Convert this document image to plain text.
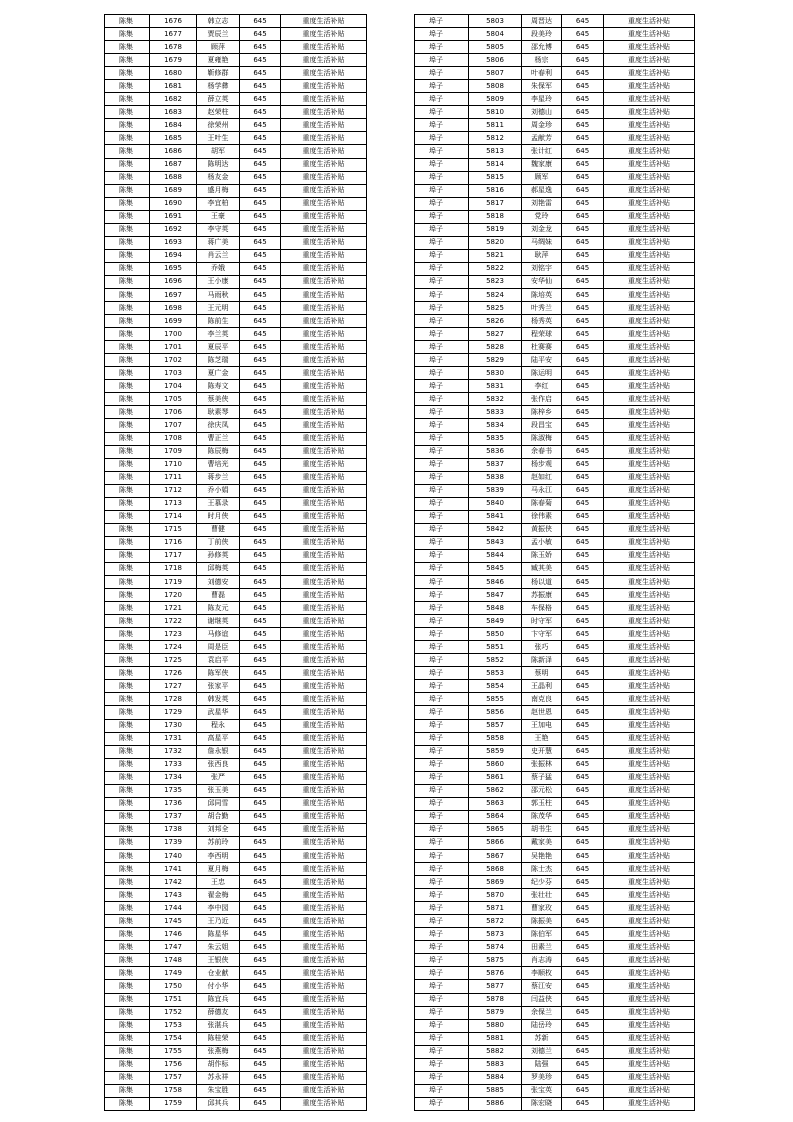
陈集	1676	韩立志	645	重度生活补贴
陈集	1677	贾辰兰	645	重度生活补贴
陈集	1678	顾萍	645	重度生活补贴
陈集	1679	夏雍艳	645	重度生活补贴
陈集	1680	靳修群	645	重度生活补贴
陈集	1681	杨学彝	645	重度生活补贴
陈集	1682	薛立英	645	重度生活补贴
陈集	1683	赵荣柱	645	重度生活补贴
陈集	1684	徐荣州	645	重度生活补贴
陈集	1685	王叶生	645	重度生活补贴
陈集	1686	胡军	645	重度生活补贴
陈集	1687	陈明达	645	重度生活补贴
陈集	1688	杨友金	645	重度生活补贴
陈集	1689	盛月梅	645	重度生活补贴
陈集	1690	李宜柏	645	重度生活补贴
陈集	1691	王豪	645	重度生活补贴
陈集	1692	李守英	645	重度生活补贴
陈集	1693	蒋广美	645	重度生活补贴
陈集	1694	肖云兰	645	重度生活补贴
陈集	1695	乔娥	645	重度生活补贴
陈集	1696	王小康	645	重度生活补贴
陈集	1697	马雨秋	645	重度生活补贴
陈集	1698	王元明	645	重度生活补贴
陈集	1699	陈前生	645	重度生活补贴
陈集	1700	李兰英	645	重度生活补贴
陈集	1701	夏辰平	645	重度生活补贴
陈集	1702	陈芝瑞	645	重度生活补贴
陈集	1703	夏广金	645	重度生活补贴
陈集	1704	陈寿文	645	重度生活补贴
陈集	1705	蔡美侠	645	重度生活补贴
陈集	1706	耿素琴	645	重度生活补贴
陈集	1707	徐庆凤	645	重度生活补贴
陈集	1708	曹正兰	645	重度生活补贴
陈集	1709	陈辰梅	645	重度生活补贴
陈集	1710	曹培光	645	重度生活补贴
陈集	1711	蒋步兰	645	重度生活补贴
陈集	1712	乔小娟	645	重度生活补贴
陈集	1713	王慕录	645	重度生活补贴
陈集	1714	时月侠	645	重度生活补贴
陈集	1715	曹健	645	重度生活补贴
陈集	1716	丁前侠	645	重度生活补贴
陈集	1717	孙修英	645	重度生活补贴
陈集	1718	邱梅英	645	重度生活补贴
陈集	1719	刘德安	645	重度生活补贴
陈集	1720	曹磊	645	重度生活补贴
陈集	1721	陈友元	645	重度生活补贴
陈集	1722	谢继英	645	重度生活补贴
陈集	1723	马修谊	645	重度生活补贴
陈集	1724	周是臣	645	重度生活补贴
陈集	1725	袁启平	645	重度生活补贴
陈集	1726	陈军侠	645	重度生活补贴
陈集	1727	张家平	645	重度生活补贴
陈集	1728	韩发英	645	重度生活补贴
陈集	1729	武星华	645	重度生活补贴
陈集	1730	程永	645	重度生活补贴
陈集	1731	高星平	645	重度生活补贴
陈集	1732	詹永银	645	重度生活补贴
陈集	1733	张西良	645	重度生活补贴
陈集	1734	张严	645	重度生活补贴
陈集	1735	张玉美	645	重度生活补贴
陈集	1736	邱同雪	645	重度生活补贴
陈集	1737	胡合勤	645	重度生活补贴
陈集	1738	刘邦全	645	重度生活补贴
陈集	1739	苏前玲	645	重度生活补贴
陈集	1740	李西明	645	重度生活补贴
陈集	1741	夏月梅	645	重度生活补贴
陈集	1742	王忠	645	重度生活补贴
陈集	1743	翟金梅	645	重度生活补贴
陈集	1744	李中园	645	重度生活补贴
陈集	1745	王乃近	645	重度生活补贴
陈集	1746	陈星华	645	重度生活补贴
陈集	1747	朱云姐	645	重度生活补贴
陈集	1748	王银侠	645	重度生活补贴
陈集	1749	仓业献	645	重度生活补贴
陈集	1750	付小华	645	重度生活补贴
陈集	1751	陈宜兵	645	重度生活补贴
陈集	1752	薛德友	645	重度生活补贴
陈集	1753	张湛兵	645	重度生活补贴
陈集	1754	陈桂荣	645	重度生活补贴
陈集	1755	张燕梅	645	重度生活补贴
陈集	1756	胡作标	645	重度生活补贴
陈集	1757	苏永祥	645	重度生活补贴
陈集	1758	朱宝胜	645	重度生活补贴
陈集	1759	邱其兵	645	重度生活补贴
埠子	5803	周晋达	645	重度生活补贴
埠子	5804	段美玲	645	重度生活补贴
埠子	5805	邵允博	645	重度生活补贴
埠子	5806	杨宗	645	重度生活补贴
埠子	5807	叶春利	645	重度生活补贴
埠子	5808	朱保军	645	重度生活补贴
埠子	5809	李星玲	645	重度生活补贴
埠子	5810	刘德山	645	重度生活补贴
埠子	5811	周金珍	645	重度生活补贴
埠子	5812	孟献芳	645	重度生活补贴
埠子	5813	张计红	645	重度生活补贴
埠子	5814	魏家康	645	重度生活补贴
埠子	5815	顾军	645	重度生活补贴
埠子	5816	郝星逸	645	重度生活补贴
埠子	5817	刘艳雷	645	重度生活补贴
埠子	5818	党玲	645	重度生活补贴
埠子	5819	刘金龙	645	重度生活补贴
埠子	5820	马绸妹	645	重度生活补贴
埠子	5821	耿萍	645	重度生活补贴
埠子	5822	刘铭宇	645	重度生活补贴
埠子	5823	安华仙	645	重度生活补贴
埠子	5824	陈培英	645	重度生活补贴
埠子	5825	叶秀兰	645	重度生活补贴
埠子	5826	杨秀英	645	重度生活补贴
埠子	5827	程荣球	645	重度生活补贴
埠子	5828	杜赛赛	645	重度生活补贴
埠子	5829	陆平安	645	重度生活补贴
埠子	5830	陈运明	645	重度生活补贴
埠子	5831	李红	645	重度生活补贴
埠子	5832	张作启	645	重度生活补贴
埠子	5833	陈梓乡	645	重度生活补贴
埠子	5834	段昌宝	645	重度生活补贴
埠子	5835	陈淑梅	645	重度生活补贴
埠子	5836	余春书	645	重度生活补贴
埠子	5837	杨步观	645	重度生活补贴
埠子	5838	赵如红	645	重度生活补贴
埠子	5839	马永江	645	重度生活补贴
埠子	5840	陈春菊	645	重度生活补贴
埠子	5841	徐伟素	645	重度生活补贴
埠子	5842	黄振侠	645	重度生活补贴
埠子	5843	孟小敏	645	重度生活补贴
埠子	5844	陈玉娇	645	重度生活补贴
埠子	5845	臧其美	645	重度生活补贴
埠子	5846	杨以道	645	重度生活补贴
埠子	5847	苏振康	645	重度生活补贴
埠子	5848	车保格	645	重度生活补贴
埠子	5849	时守军	645	重度生活补贴
埠子	5850	卞守军	645	重度生活补贴
埠子	5851	张巧	645	重度生活补贴
埠子	5852	陈新泽	645	重度生活补贴
埠子	5853	蔡明	645	重度生活补贴
埠子	5854	王晶利	645	重度生活补贴
埠子	5855	南克良	645	重度生活补贴
埠子	5856	赵世恩	645	重度生活补贴
埠子	5857	王加电	645	重度生活补贴
埠子	5858	王艳	645	重度生活补贴
埠子	5859	史开慧	645	重度生活补贴
埠子	5860	张振林	645	重度生活补贴
埠子	5861	蔡子猛	645	重度生活补贴
埠子	5862	邵元松	645	重度生活补贴
埠子	5863	郭玉柱	645	重度生活补贴
埠子	5864	陈茂华	645	重度生活补贴
埠子	5865	胡书生	645	重度生活补贴
埠子	5866	戴家美	645	重度生活补贴
埠子	5867	吴艳艳	645	重度生活补贴
埠子	5868	陈士杰	645	重度生活补贴
埠子	5869	纪少芬	645	重度生活补贴
埠子	5870	张壮壮	645	重度生活补贴
埠子	5871	曹家玫	645	重度生活补贴
埠子	5872	陈振美	645	重度生活补贴
埠子	5873	陈伯军	645	重度生活补贴
埠子	5874	田素兰	645	重度生活补贴
埠子	5875	肖志涛	645	重度生活补贴
埠子	5876	李顺枚	645	重度生活补贴
埠子	5877	蔡江安	645	重度生活补贴
埠子	5878	闫益侠	645	重度生活补贴
埠子	5879	余保兰	645	重度生活补贴
埠子	5880	陆岳玲	645	重度生活补贴
埠子	5881	苏新	645	重度生活补贴
埠子	5882	刘德兰	645	重度生活补贴
埠子	5883	陆强	645	重度生活补贴
埠子	5884	罗美珍	645	重度生活补贴
埠子	5885	张宝英	645	重度生活补贴
埠子	5886	陈宏晓	645	重度生活补贴
